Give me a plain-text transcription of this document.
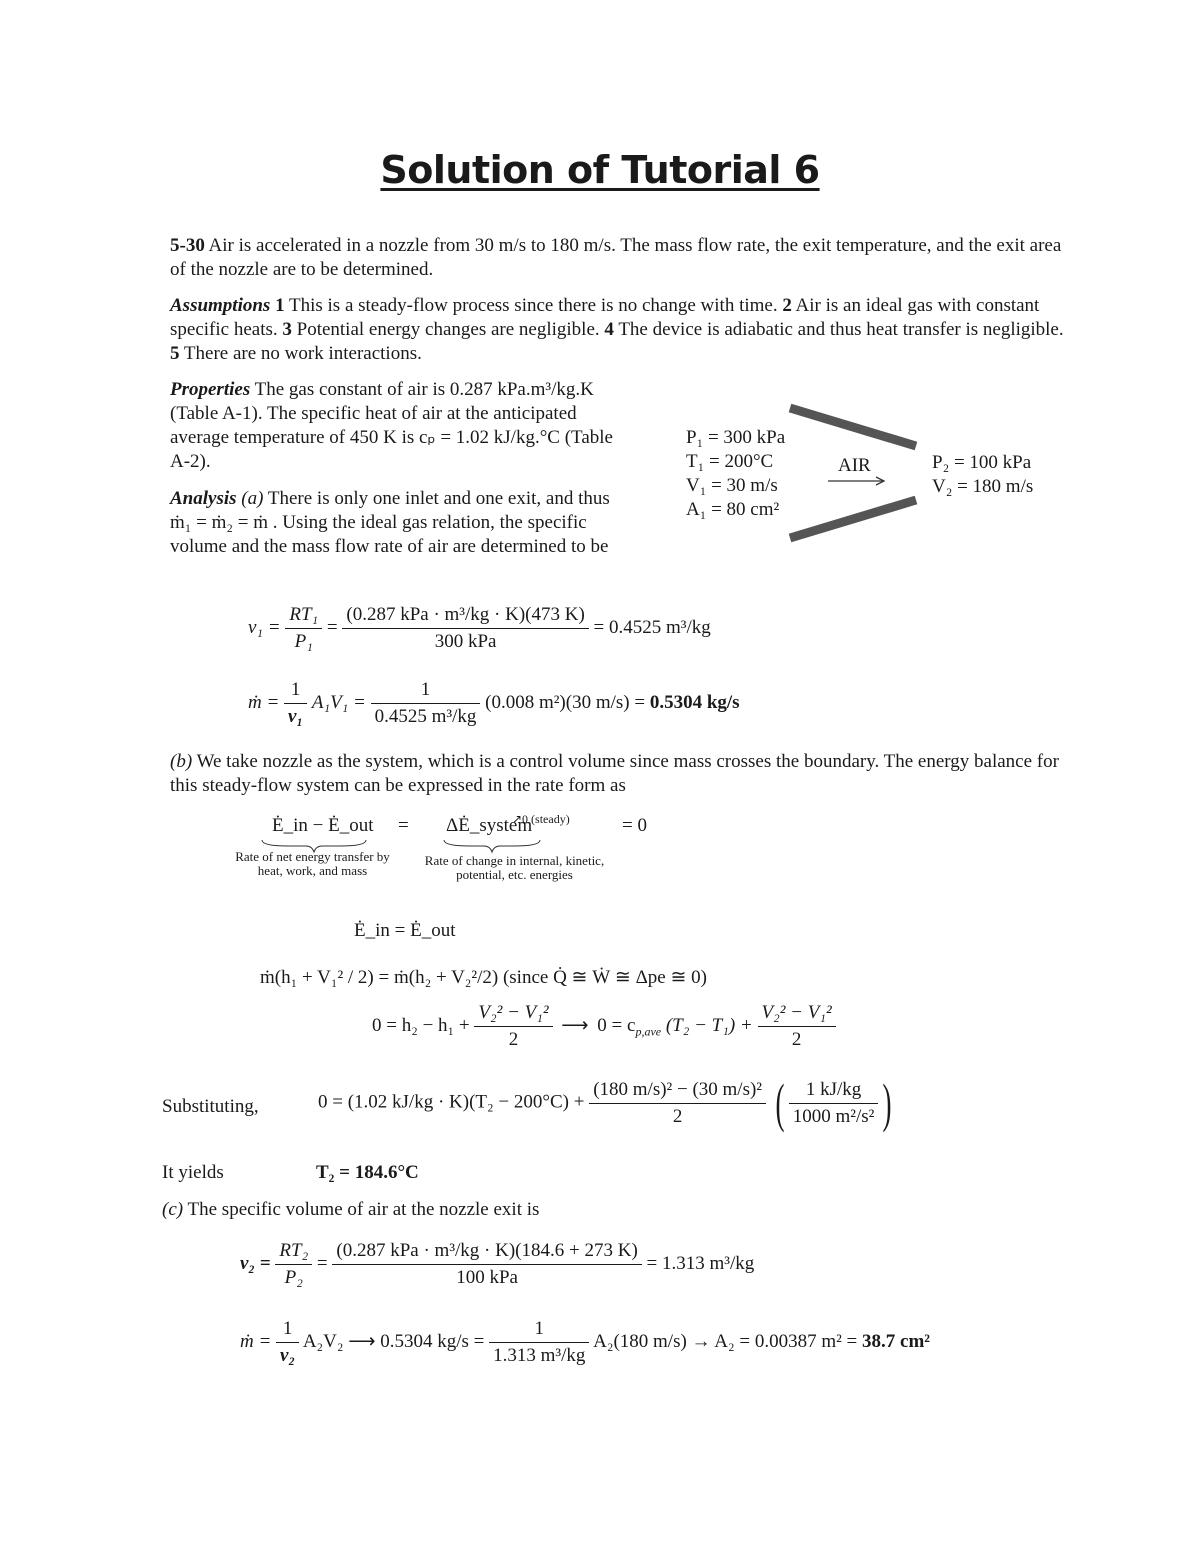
Solution of Tutorial 6
5-30 Air is accelerated in a nozzle from 30 m/s to 180 m/s. The mass flow rate, the exit temperature, and the exit area of the nozzle are to be determined.
Assumptions 1 This is a steady-flow process since there is no change with time. 2 Air is an ideal gas with constant specific heats. 3 Potential energy changes are negligible. 4 The device is adiabatic and thus heat transfer is negligible. 5 There are no work interactions.
Properties The gas constant of air is 0.287 kPa.m³/kg.K (Table A-1). The specific heat of air at the anticipated average temperature of 450 K is cₚ = 1.02 kJ/kg.°C (Table A-2).
Analysis (a) There is only one inlet and one exit, and thus ṁ₁ = ṁ₂ = ṁ . Using the ideal gas relation, the specific volume and the mass flow rate of air are determined to be
P₁ = 300 kPa
T₁ = 200°C
V₁ = 30 m/s
A₁ = 80 cm²
AIR	P₂ = 100 kPa
V₂ = 180 m/s
$v_1 = \frac{\text{RT₁}}{\text{P₁}} = \frac{\text{(0.287 kPa · m³/kg · K)(473 K)}}{\text{300 kPa}} = 0.4525$ m³/kg
ṁ = $\frac{1}{\text{v₁}} A_1V_1 = \frac{1}{\text{0.4525 m³/kg}} (0.008$ m²)(30 m/s) = 0.5304 kg/s
(b) We take nozzle as the system, which is a control volume since mass crosses the boundary. The energy balance for this steady-flow system can be expressed in the rate form as
Ė_in − Ė_out = ΔĖ_system
↗0 (steady)	= 0
Rate of net energy transfer by heat, work, and mass
Rate of change in internal, kinetic, potential, etc. energies
Ė_in = Ė_out
ṁ(h₁ + V₁² / 2) = ṁ(h₂ + V₂²/2) (since Q̇ ≅ Ẇ ≅ Δpe ≅ 0)
$0 = h_2 - h_1 + \frac{\text{V₂² − V₁²}}{2}$ ⟶ $0 = c_{p,ave}$ $(T_2 - T_1) + \frac{\text{V₂² − V₁²}}{2}$
Substituting,	0 = (1.02 $kJ/kg \cdot K)(T_2 - 200^\circ C) + \frac{\text{(180 m/s)² − (30 m/s)²}}{2}$ ( $\frac{1 kJ/kg}{\text{1000 m²/s²}}$ )
It yields	T₂ = 184.6°C
(c) The specific volume of air at the nozzle exit is
$v_2 = \frac{\text{RT₂}}{\text{P₂}} = \frac{\text{(0.287 kPa · m³/kg · K)(184.6 + 273 K)}}{\text{100 kPa}} = 1.313$ m³/kg
ṁ = $\frac{1}{\text{v₂}} A_2V_2$ ⟶ 0.5304 $kg/s = \frac{1}{\text{1.313 m³/kg}} A_2(180$ m/s) → A₂ = 0.00387 m² = 38.7 cm²
